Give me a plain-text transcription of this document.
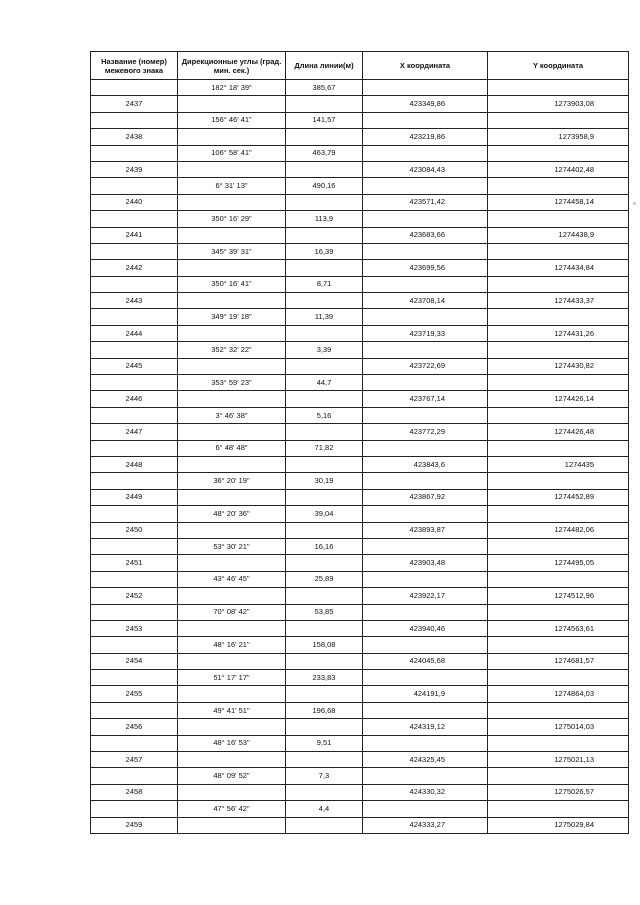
Название (номер) межевого знака	Дирекционные углы (град. мин. сек.)	Длина линии(м)	X координата	Y координата
	182° 18' 39"	385,67		
2437			423349,86	1273903,08
	156° 46' 41"	141,57		
2438			423219,86	1273958,9
	106° 58' 41"	463,79		
2439			423084,43	1274402,48
	6° 31' 13"	490,16		
2440			423571,42	1274458,14
	350° 16' 29"	113,9		
2441			423683,66	1274438,9
	345° 39' 31"	16,39		
2442			423699,56	1274434,84
	350° 16' 41"	8,71		
2443			423708,14	1274433,37
	349° 19' 18"	11,39		
2444			423719,33	1274431,26
	352° 32' 22"	3,39		
2445			423722,69	1274430,82
	353° 59' 23"	44,7		
2446			423767,14	1274426,14
	3° 46' 38"	5,16		
2447			423772,29	1274426,48
	6° 48' 48"	71,82		
2448			423843,6	1274435
	36° 20' 19"	30,19		
2449			423867,92	1274452,89
	48° 20' 36"	39,04		
2450			423893,87	1274482,06
	53° 30' 21"	16,16		
2451			423903,48	1274495,05
	43° 46' 45"	25,89		
2452			423922,17	1274512,96
	70° 08' 42"	53,85		
2453			423940,46	1274563,61
	48° 16' 21"	158,08		
2454			424045,68	1274681,57
	51° 17' 17"	233,83		
2455			424191,9	1274864,03
	49° 41' 51"	196,68		
2456			424319,12	1275014,03
	48° 16' 53"	9,51		
2457			424325,45	1275021,13
	48° 09' 52"	7,3		
2458			424330,32	1275026,57
	47° 56' 42"	4,4		
2459			424333,27	1275029,84
